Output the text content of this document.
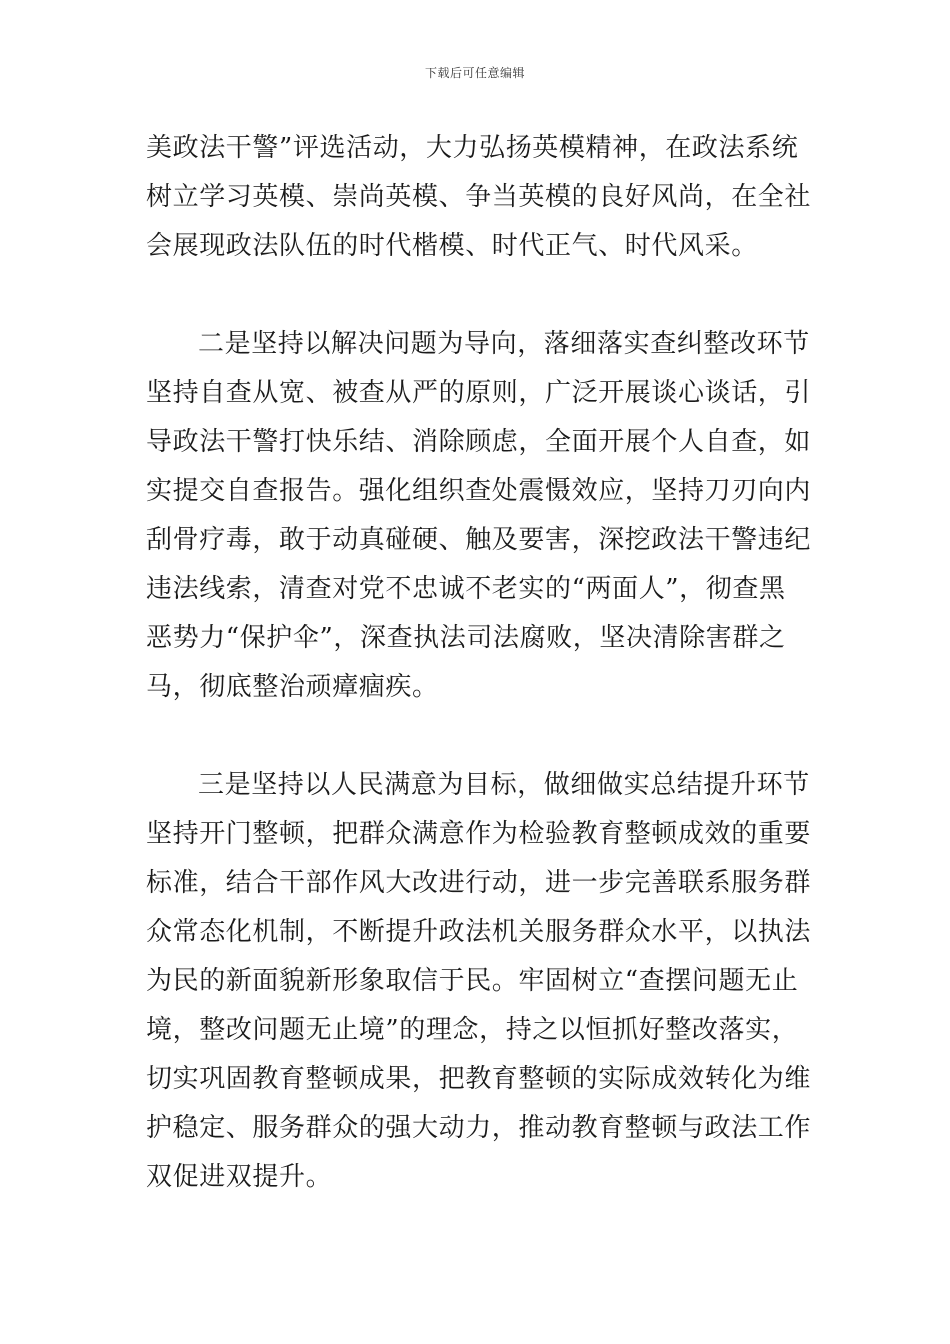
下载后可任意编辑
美政法干警”评选活动，大力弘扬英模精神，在政法系统
树立学习英模、崇尚英模、争当英模的良好风尚，在全社
会展现政法队伍的时代楷模、时代正气、时代风采。
二是坚持以解决问题为导向，落细落实查纠整改环节
坚持自查从宽、被查从严的原则，广泛开展谈心谈话，引
导政法干警打快乐结、消除顾虑，全面开展个人自查，如
实提交自查报告。强化组织查处震慑效应，坚持刀刃向内
刮骨疗毒，敢于动真碰硬、触及要害，深挖政法干警违纪
违法线索，清查对党不忠诚不老实的“两面人”，彻查黑
恶势力“保护伞”，深查执法司法腐败，坚决清除害群之
马，彻底整治顽瘴痼疾。
三是坚持以人民满意为目标，做细做实总结提升环节
坚持开门整顿，把群众满意作为检验教育整顿成效的重要
标准，结合干部作风大改进行动，进一步完善联系服务群
众常态化机制，不断提升政法机关服务群众水平，以执法
为民的新面貌新形象取信于民。牢固树立“查摆问题无止
境，整改问题无止境”的理念，持之以恒抓好整改落实，
切实巩固教育整顿成果，把教育整顿的实际成效转化为维
护稳定、服务群众的强大动力，推动教育整顿与政法工作
双促进双提升。
